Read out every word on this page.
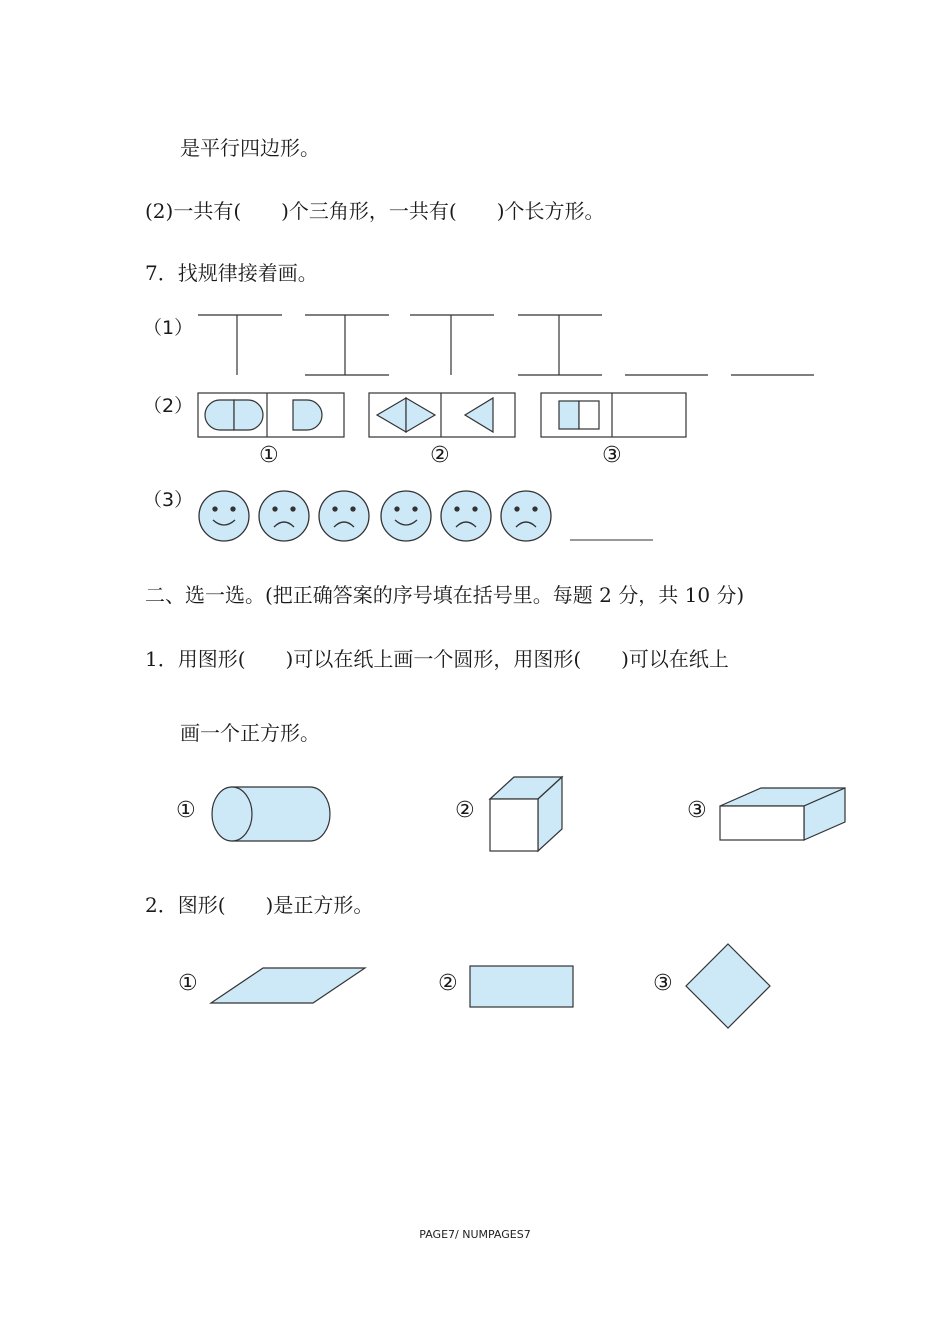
是平行四边形。
(2)一共有(　　)个三角形，一共有(　　)个长方形。
7．找规律接着画。
（1）
（2）
（3）
①	②	③
二、选一选。(把正确答案的序号填在括号里。每题 2 分，共 10 分)
1．用图形(　　)可以在纸上画一个圆形，用图形(　　)可以在纸上
画一个正方形。
①	②	③
2．图形(　　)是正方形。
①	②	③
PAGE7/ NUMPAGES7
